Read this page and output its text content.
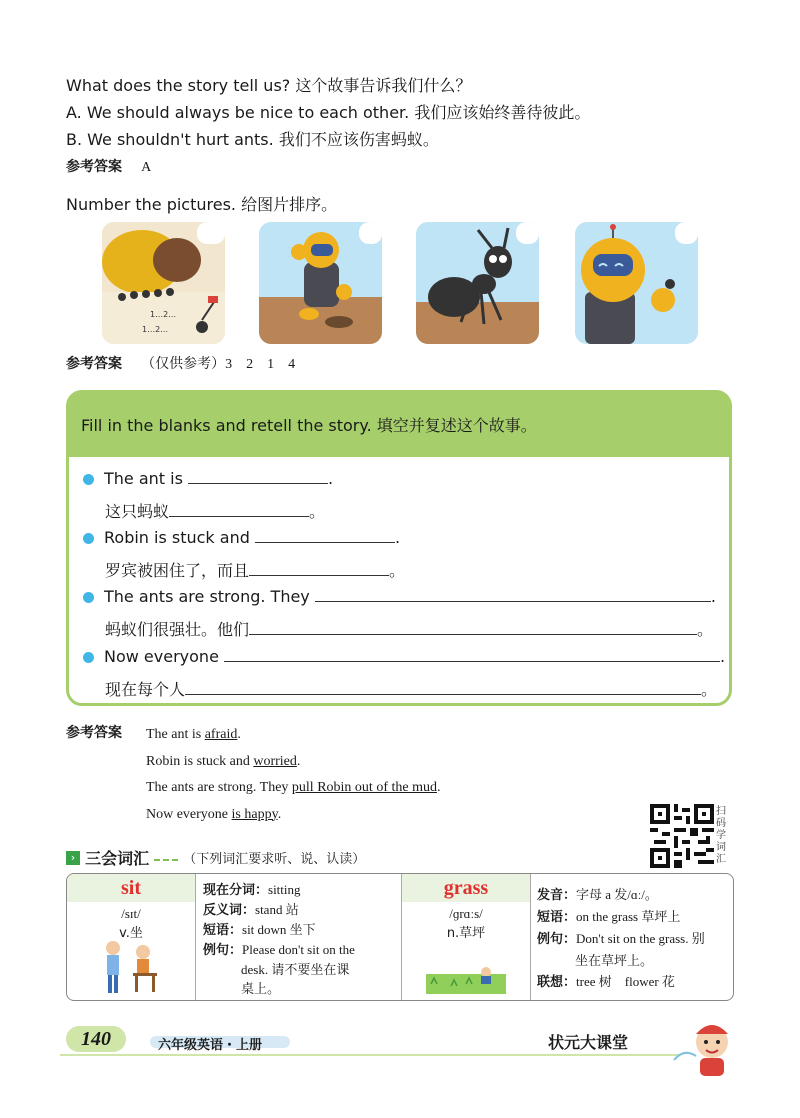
What does the story tell us? 这个故事告诉我们什么？
A. We should always be nice to each other. 我们应该始终善待彼此。
B. We shouldn't hurt ants. 我们不应该伤害蚂蚁。
参考答案 A
Number the pictures. 给图片排序。
1…2…
1…2…
参考答案 （仅供参考）3　2　1　4
Fill in the blanks and retell the story. 填空并复述这个故事。
The ant is	.
这只蚂蚁	。
Robin is stuck and	.
罗宾被困住了，而且	。
The ants are strong. They	.
蚂蚁们很强壮。他们	。
Now everyone	.
现在每个人	。
参考答案 The ant is afraid.
Robin is stuck and worried.
The ants are strong. They pull Robin out of the mud.
Now everyone is happy.	扫码学词汇
› 三会词汇	（下列词汇要求听、说、认读）
sit
/sɪt/
v.坐
现在分词：sitting
反义词：stand 站
短语：sit down 坐下
例句：Please don't sit on the
desk. 请不要坐在课
桌上。
grass
/ɡrɑːs/
n.草坪
发音：字母 a 发/ɑː/。
短语：on the grass 草坪上
例句：Don't sit on the grass. 别
坐在草坪上。
联想：tree 树　flower 花
140	六年级英语・上册	状元大课堂
